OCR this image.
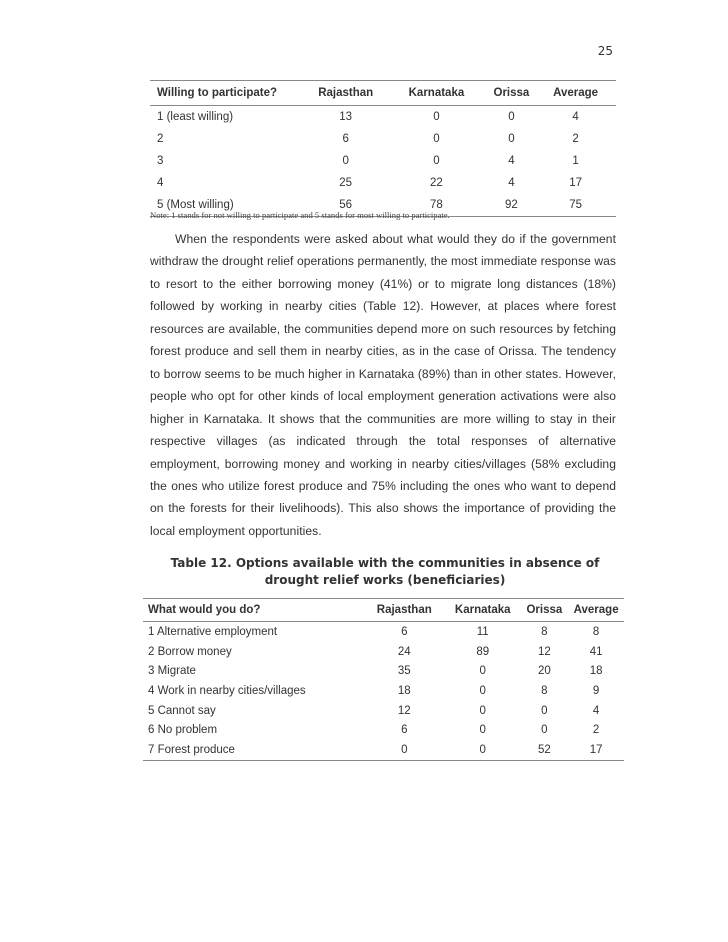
25
Willing to participate?	Rajasthan	Karnataka	Orissa	Average
1 (least willing)	13	0	0	4
2	6	0	0	2
3	0	0	4	1
4	25	22	4	17
5 (Most willing)	56	78	92	75
Note: 1 stands for not willing to participate and 5 stands for most willing to participate.

When the respondents were asked about what would they do if the government withdraw the drought relief operations permanently, the most immediate response was to resort to the either borrowing money (41%) or to migrate long distances (18%) followed by working in nearby cities (Table 12). However, at places where forest resources are available, the communities depend more on such resources by fetching forest produce and sell them in nearby cities, as in the case of Orissa. The tendency to borrow seems to be much higher in Karnataka (89%) than in other states. However, people who opt for other kinds of local employment generation activations were also higher in Karnataka. It shows that the communities are more willing to stay in their respective villages (as indicated through the total responses of alternative employment, borrowing money and working in nearby cities/villages (58% excluding the ones who utilize forest produce and 75% including the ones who want to depend on the forests for their livelihoods). This also shows the importance of providing the local employment opportunities.

Table 12. Options available with the communities in absence of drought relief works (beneficiaries)

What would you do?	Rajasthan	Karnataka	Orissa	Average
1 Alternative employment	6	11	8	8
2 Borrow money	24	89	12	41
3 Migrate	35	0	20	18
4 Work in nearby cities/villages	18	0	8	9
5 Cannot say	12	0	0	4
6 No problem	6	0	0	2
7 Forest produce	0	0	52	17
